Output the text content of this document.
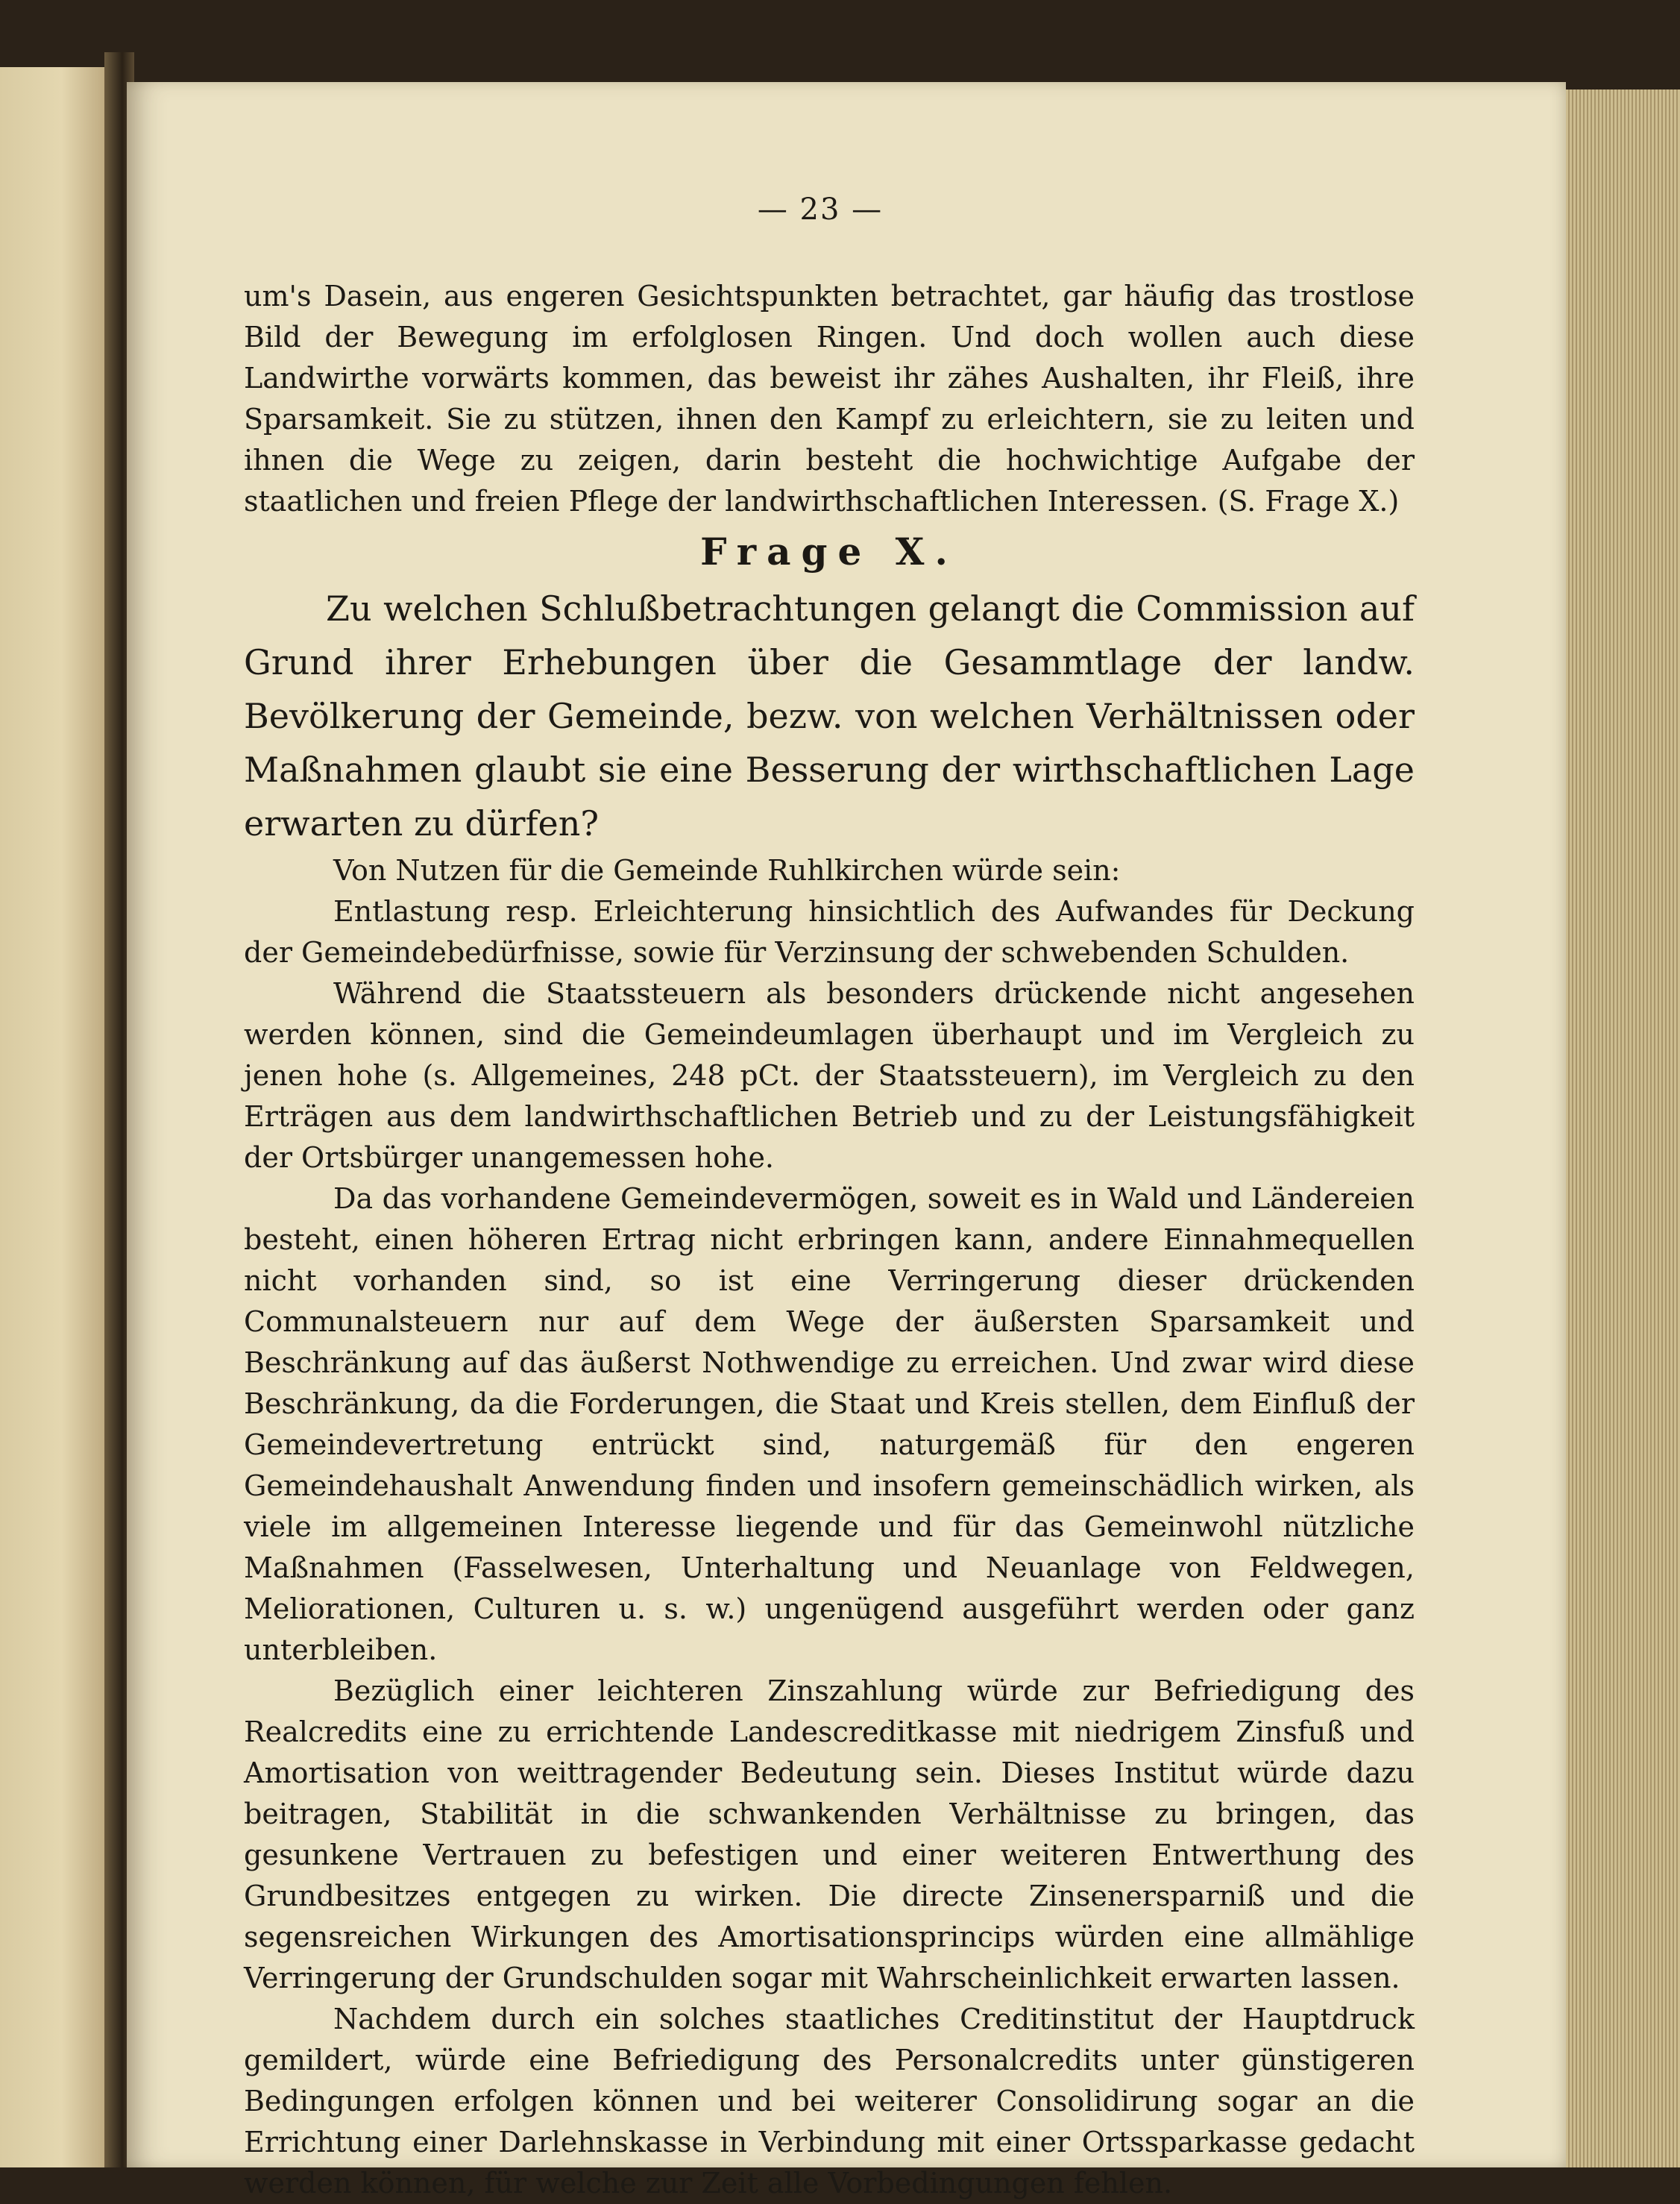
— 23 —

um's Dasein, aus engeren Gesichtspunkten betrachtet, gar häufig das trostlose Bild der Bewegung im erfolglosen Ringen. Und doch wollen auch diese Landwirthe vorwärts kommen, das beweist ihr zähes Aushalten, ihr Fleiß, ihre Sparsamkeit. Sie zu stützen, ihnen den Kampf zu erleichtern, sie zu leiten und ihnen die Wege zu zeigen, darin besteht die hochwichtige Aufgabe der staatlichen und freien Pflege der landwirthschaftlichen Interessen. (S. Frage X.)

Frage X.

Zu welchen Schlußbetrachtungen gelangt die Commission auf Grund ihrer Erhebungen über die Gesammtlage der landw. Bevölkerung der Gemeinde, bezw. von welchen Verhältnissen oder Maßnahmen glaubt sie eine Besserung der wirthschaftlichen Lage erwarten zu dürfen?

Von Nutzen für die Gemeinde Ruhlkirchen würde sein:

Entlastung resp. Erleichterung hinsichtlich des Aufwandes für Deckung der Gemeindebedürfnisse, sowie für Verzinsung der schwebenden Schulden.

Während die Staatssteuern als besonders drückende nicht angesehen werden können, sind die Gemeindeumlagen überhaupt und im Vergleich zu jenen hohe (s. Allgemeines, 248 pCt. der Staatssteuern), im Vergleich zu den Erträgen aus dem landwirthschaftlichen Betrieb und zu der Leistungsfähigkeit der Ortsbürger unangemessen hohe.

Da das vorhandene Gemeindevermögen, soweit es in Wald und Ländereien besteht, einen höheren Ertrag nicht erbringen kann, andere Einnahmequellen nicht vorhanden sind, so ist eine Verringerung dieser drückenden Communalsteuern nur auf dem Wege der äußersten Sparsamkeit und Beschränkung auf das äußerst Nothwendige zu erreichen. Und zwar wird diese Beschränkung, da die Forderungen, die Staat und Kreis stellen, dem Einfluß der Gemeindevertretung entrückt sind, naturgemäß für den engeren Gemeindehaushalt Anwendung finden und insofern gemeinschädlich wirken, als viele im allgemeinen Interesse liegende und für das Gemeinwohl nützliche Maßnahmen (Fasselwesen, Unterhaltung und Neuanlage von Feldwegen, Meliorationen, Culturen u. s. w.) ungenügend ausgeführt werden oder ganz unterbleiben.

Bezüglich einer leichteren Zinszahlung würde zur Befriedigung des Realcredits eine zu errichtende Landescreditkasse mit niedrigem Zinsfuß und Amortisation von weittragender Bedeutung sein. Dieses Institut würde dazu beitragen, Stabilität in die schwankenden Verhältnisse zu bringen, das gesunkene Vertrauen zu befestigen und einer weiteren Entwerthung des Grundbesitzes entgegen zu wirken. Die directe Zinsenersparniß und die segensreichen Wirkungen des Amortisationsprincips würden eine allmählige Verringerung der Grundschulden sogar mit Wahrscheinlichkeit erwarten lassen.

Nachdem durch ein solches staatliches Creditinstitut der Hauptdruck gemildert, würde eine Befriedigung des Personalcredits unter günstigeren Bedingungen erfolgen können und bei weiterer Consolidirung sogar an die Errichtung einer Darlehnskasse in Verbindung mit einer Ortssparkasse gedacht werden können, für welche zur Zeit alle Vorbedingungen fehlen.
